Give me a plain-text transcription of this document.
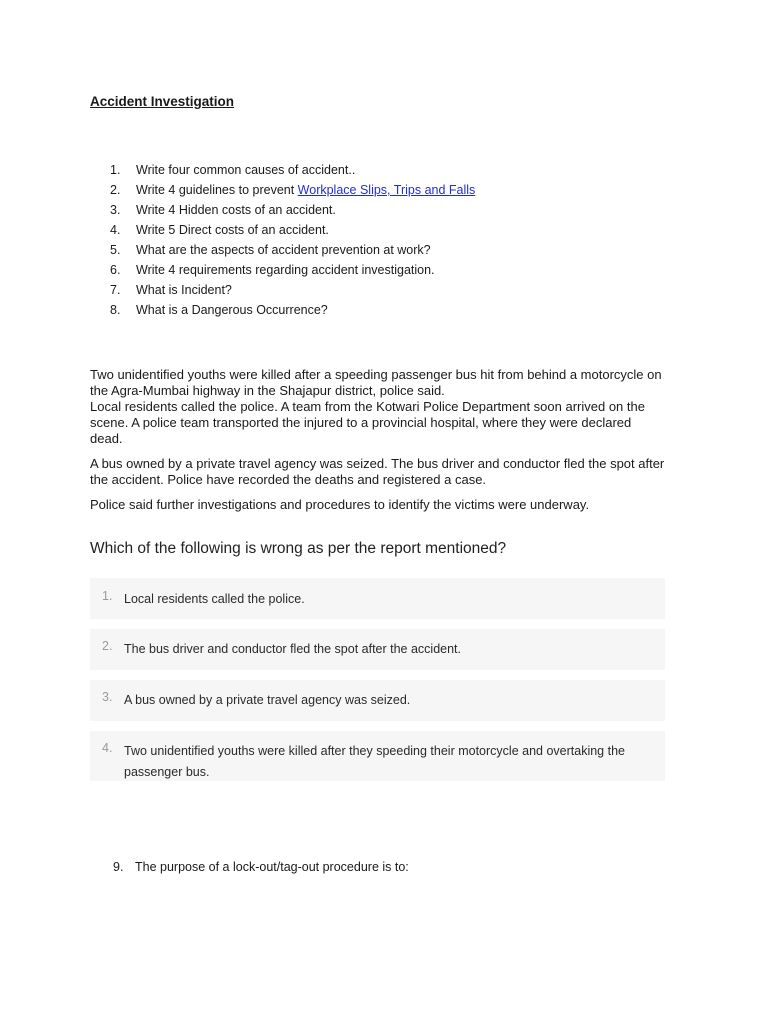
Accident Investigation
1.	Write four common causes of accident..
2.	Write 4 guidelines to prevent Workplace Slips, Trips and Falls
3.	Write 4 Hidden costs of an accident.
4.	Write 5 Direct costs of an accident.
5.	What are the aspects of accident prevention at work?
6.	Write 4 requirements regarding accident investigation.
7.	What is Incident?
8.	What is a Dangerous Occurrence?

Two unidentified youths were killed after a speeding passenger bus hit from behind a motorcycle on
the Agra-Mumbai highway in the Shajapur district, police said.

Local residents called the police. A team from the Kotwari Police Department soon arrived on the
scene. A police team transported the injured to a provincial hospital, where they were declared
dead.

A bus owned by a private travel agency was seized. The bus driver and conductor fled the spot after
the accident. Police have recorded the deaths and registered a case.

Police said further investigations and procedures to identify the victims were underway.

Which of the following is wrong as per the report mentioned?
1. Local residents called the police.
2. The bus driver and conductor fled the spot after the accident.
3. A bus owned by a private travel agency was seized.
4. Two unidentified youths were killed after they speeding their motorcycle and overtaking the
passenger bus.
9. The purpose of a lock-out/tag-out procedure is to:
